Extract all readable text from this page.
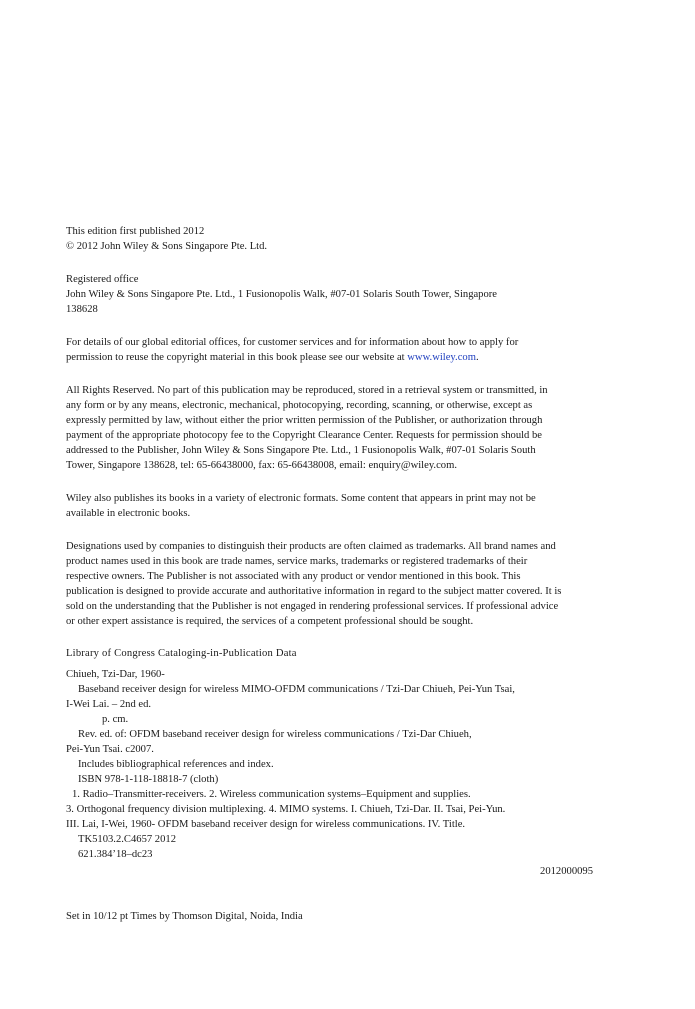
This edition first published 2012
© 2012 John Wiley & Sons Singapore Pte. Ltd.
Registered office
John Wiley & Sons Singapore Pte. Ltd., 1 Fusionopolis Walk, #07-01 Solaris South Tower, Singapore
138628
For details of our global editorial offices, for customer services and for information about how to apply for
permission to reuse the copyright material in this book please see our website at www.wiley.com.
All Rights Reserved. No part of this publication may be reproduced, stored in a retrieval system or transmitted, in
any form or by any means, electronic, mechanical, photocopying, recording, scanning, or otherwise, except as
expressly permitted by law, without either the prior written permission of the Publisher, or authorization through
payment of the appropriate photocopy fee to the Copyright Clearance Center. Requests for permission should be
addressed to the Publisher, John Wiley & Sons Singapore Pte. Ltd., 1 Fusionopolis Walk, #07-01 Solaris South
Tower, Singapore 138628, tel: 65-66438000, fax: 65-66438008, email: enquiry@wiley.com.
Wiley also publishes its books in a variety of electronic formats. Some content that appears in print may not be
available in electronic books.
Designations used by companies to distinguish their products are often claimed as trademarks. All brand names and
product names used in this book are trade names, service marks, trademarks or registered trademarks of their
respective owners. The Publisher is not associated with any product or vendor mentioned in this book. This
publication is designed to provide accurate and authoritative information in regard to the subject matter covered. It is
sold on the understanding that the Publisher is not engaged in rendering professional services. If professional advice
or other expert assistance is required, the services of a competent professional should be sought.
Library of Congress Cataloging-in-Publication Data
Chiueh, Tzi-Dar, 1960-
Baseband receiver design for wireless MIMO-OFDM communications / Tzi-Dar Chiueh, Pei-Yun Tsai,
I-Wei Lai. – 2nd ed.
p. cm.
Rev. ed. of: OFDM baseband receiver design for wireless communications / Tzi-Dar Chiueh,
Pei-Yun Tsai. c2007.
Includes bibliographical references and index.
ISBN 978-1-118-18818-7 (cloth)
1. Radio–Transmitter-receivers. 2. Wireless communication systems–Equipment and supplies.
3. Orthogonal frequency division multiplexing. 4. MIMO systems. I. Chiueh, Tzi-Dar. II. Tsai, Pei-Yun.
III. Lai, I-Wei, 1960- OFDM baseband receiver design for wireless communications. IV. Title.
TK5103.2.C4657 2012
621.384’18–dc23
2012000095
Set in 10/12 pt Times by Thomson Digital, Noida, India
